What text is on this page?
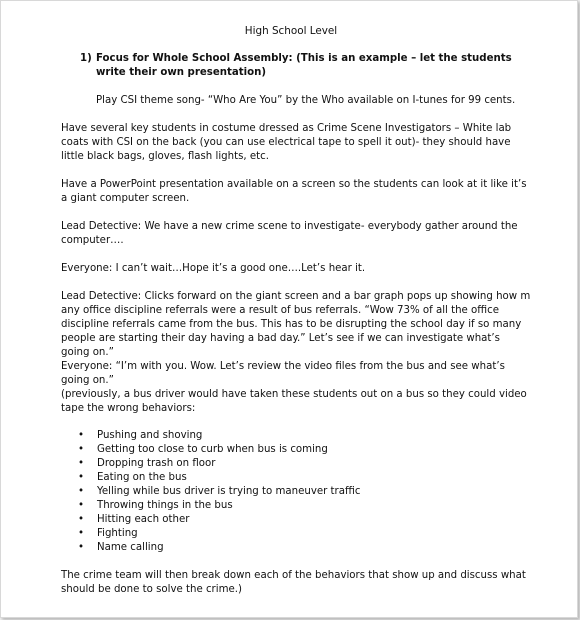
High School Level
1) Focus for Whole School Assembly: (This is an example – let the students write their own presentation)
Play CSI theme song- “Who Are You” by the Who available on I-tunes for 99 cents.
Have several key students in costume dressed as Crime Scene Investigators – White lab coats with CSI on the back (you can use electrical tape to spell it out)- they should have little black bags, gloves, flash lights, etc.
Have a PowerPoint presentation available on a screen so the students can look at it like it’s a giant computer screen.
Lead Detective: We have a new crime scene to investigate- everybody gather around the computer….
Everyone: I can’t wait…Hope it’s a good one….Let’s hear it.
Lead Detective: Clicks forward on the giant screen and a bar graph pops up showing how m any office discipline referrals were a result of bus referrals. “Wow 73% of all the office discipline referrals came from the bus. This has to be disrupting the school day if so many people are starting their day having a bad day.” Let’s see if we can investigate what’s going on.”
Everyone: “I’m with you. Wow. Let’s review the video files from the bus and see what’s going on.”
(previously, a bus driver would have taken these students out on a bus so they could video tape the wrong behaviors:
• Pushing and shoving
• Getting too close to curb when bus is coming
• Dropping trash on floor
• Eating on the bus
• Yelling while bus driver is trying to maneuver traffic
• Throwing things in the bus
• Hitting each other
• Fighting
• Name calling
The crime team will then break down each of the behaviors that show up and discuss what should be done to solve the crime.)
